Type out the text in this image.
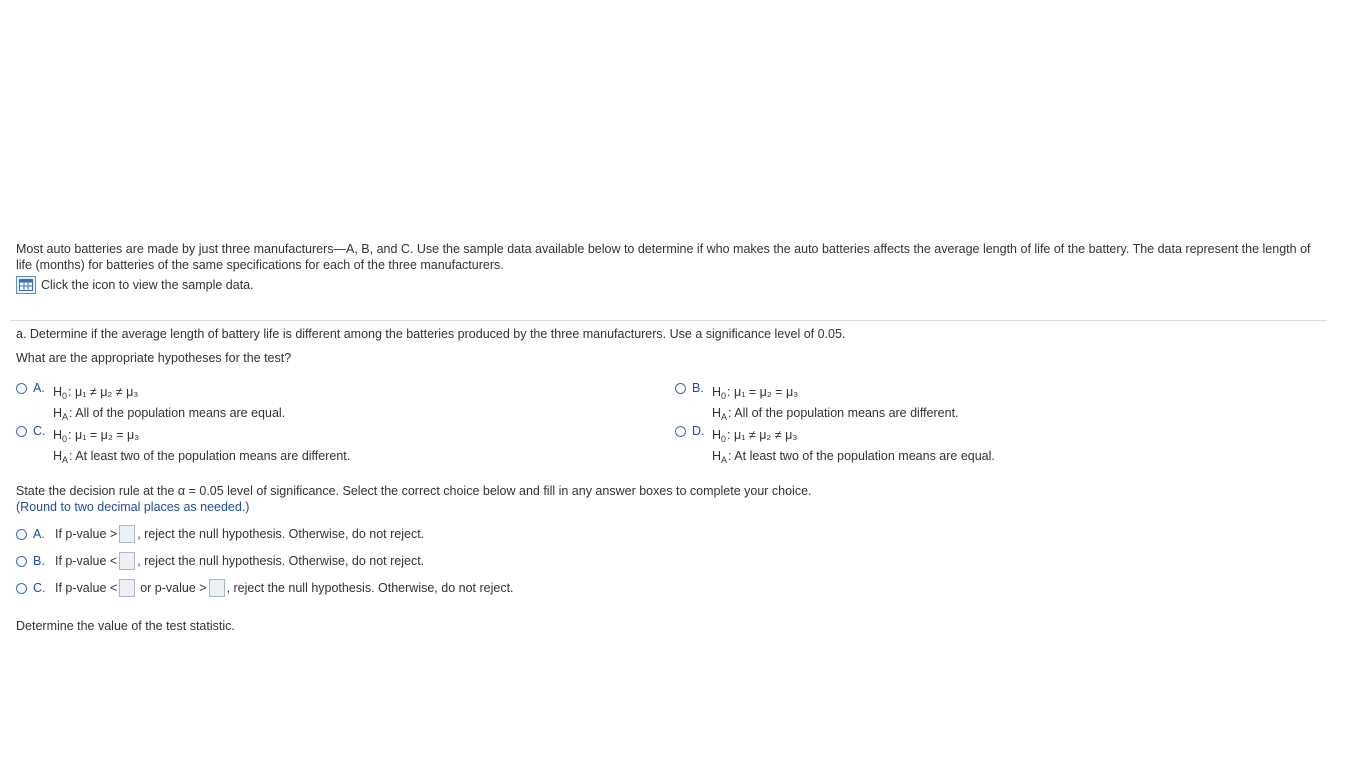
Most auto batteries are made by just three manufacturers—A, B, and C. Use the sample data available below to determine if who makes the auto batteries affects the average length of life of the battery. The data represent the length of life (months) for batteries of the same specifications for each of the three manufacturers.
Click the icon to view the sample data.
a. Determine if the average length of battery life is different among the batteries produced by the three manufacturers. Use a significance level of 0.05.
What are the appropriate hypotheses for the test?
A. H 0 : μ₁ ≠ μ₂ ≠ μ₃
H A : All of the population means are equal.
B. H 0 : μ₁ = μ₂ = μ₃
H A : All of the population means are different.
C. H 0 : μ₁ = μ₂ = μ₃
H A : At least two of the population means are different.
D. H 0 : μ₁ ≠ μ₂ ≠ μ₃
H A : At least two of the population means are equal.
State the decision rule at the α = 0.05 level of significance. Select the correct choice below and fill in any answer boxes to complete your choice.
(Round to two decimal places as needed.)
A. If p-value > , reject the null hypothesis. Otherwise, do not reject.
B. If p-value < , reject the null hypothesis. Otherwise, do not reject.
C. If p-value < or p-value > , reject the null hypothesis. Otherwise, do not reject.
Determine the value of the test statistic.
